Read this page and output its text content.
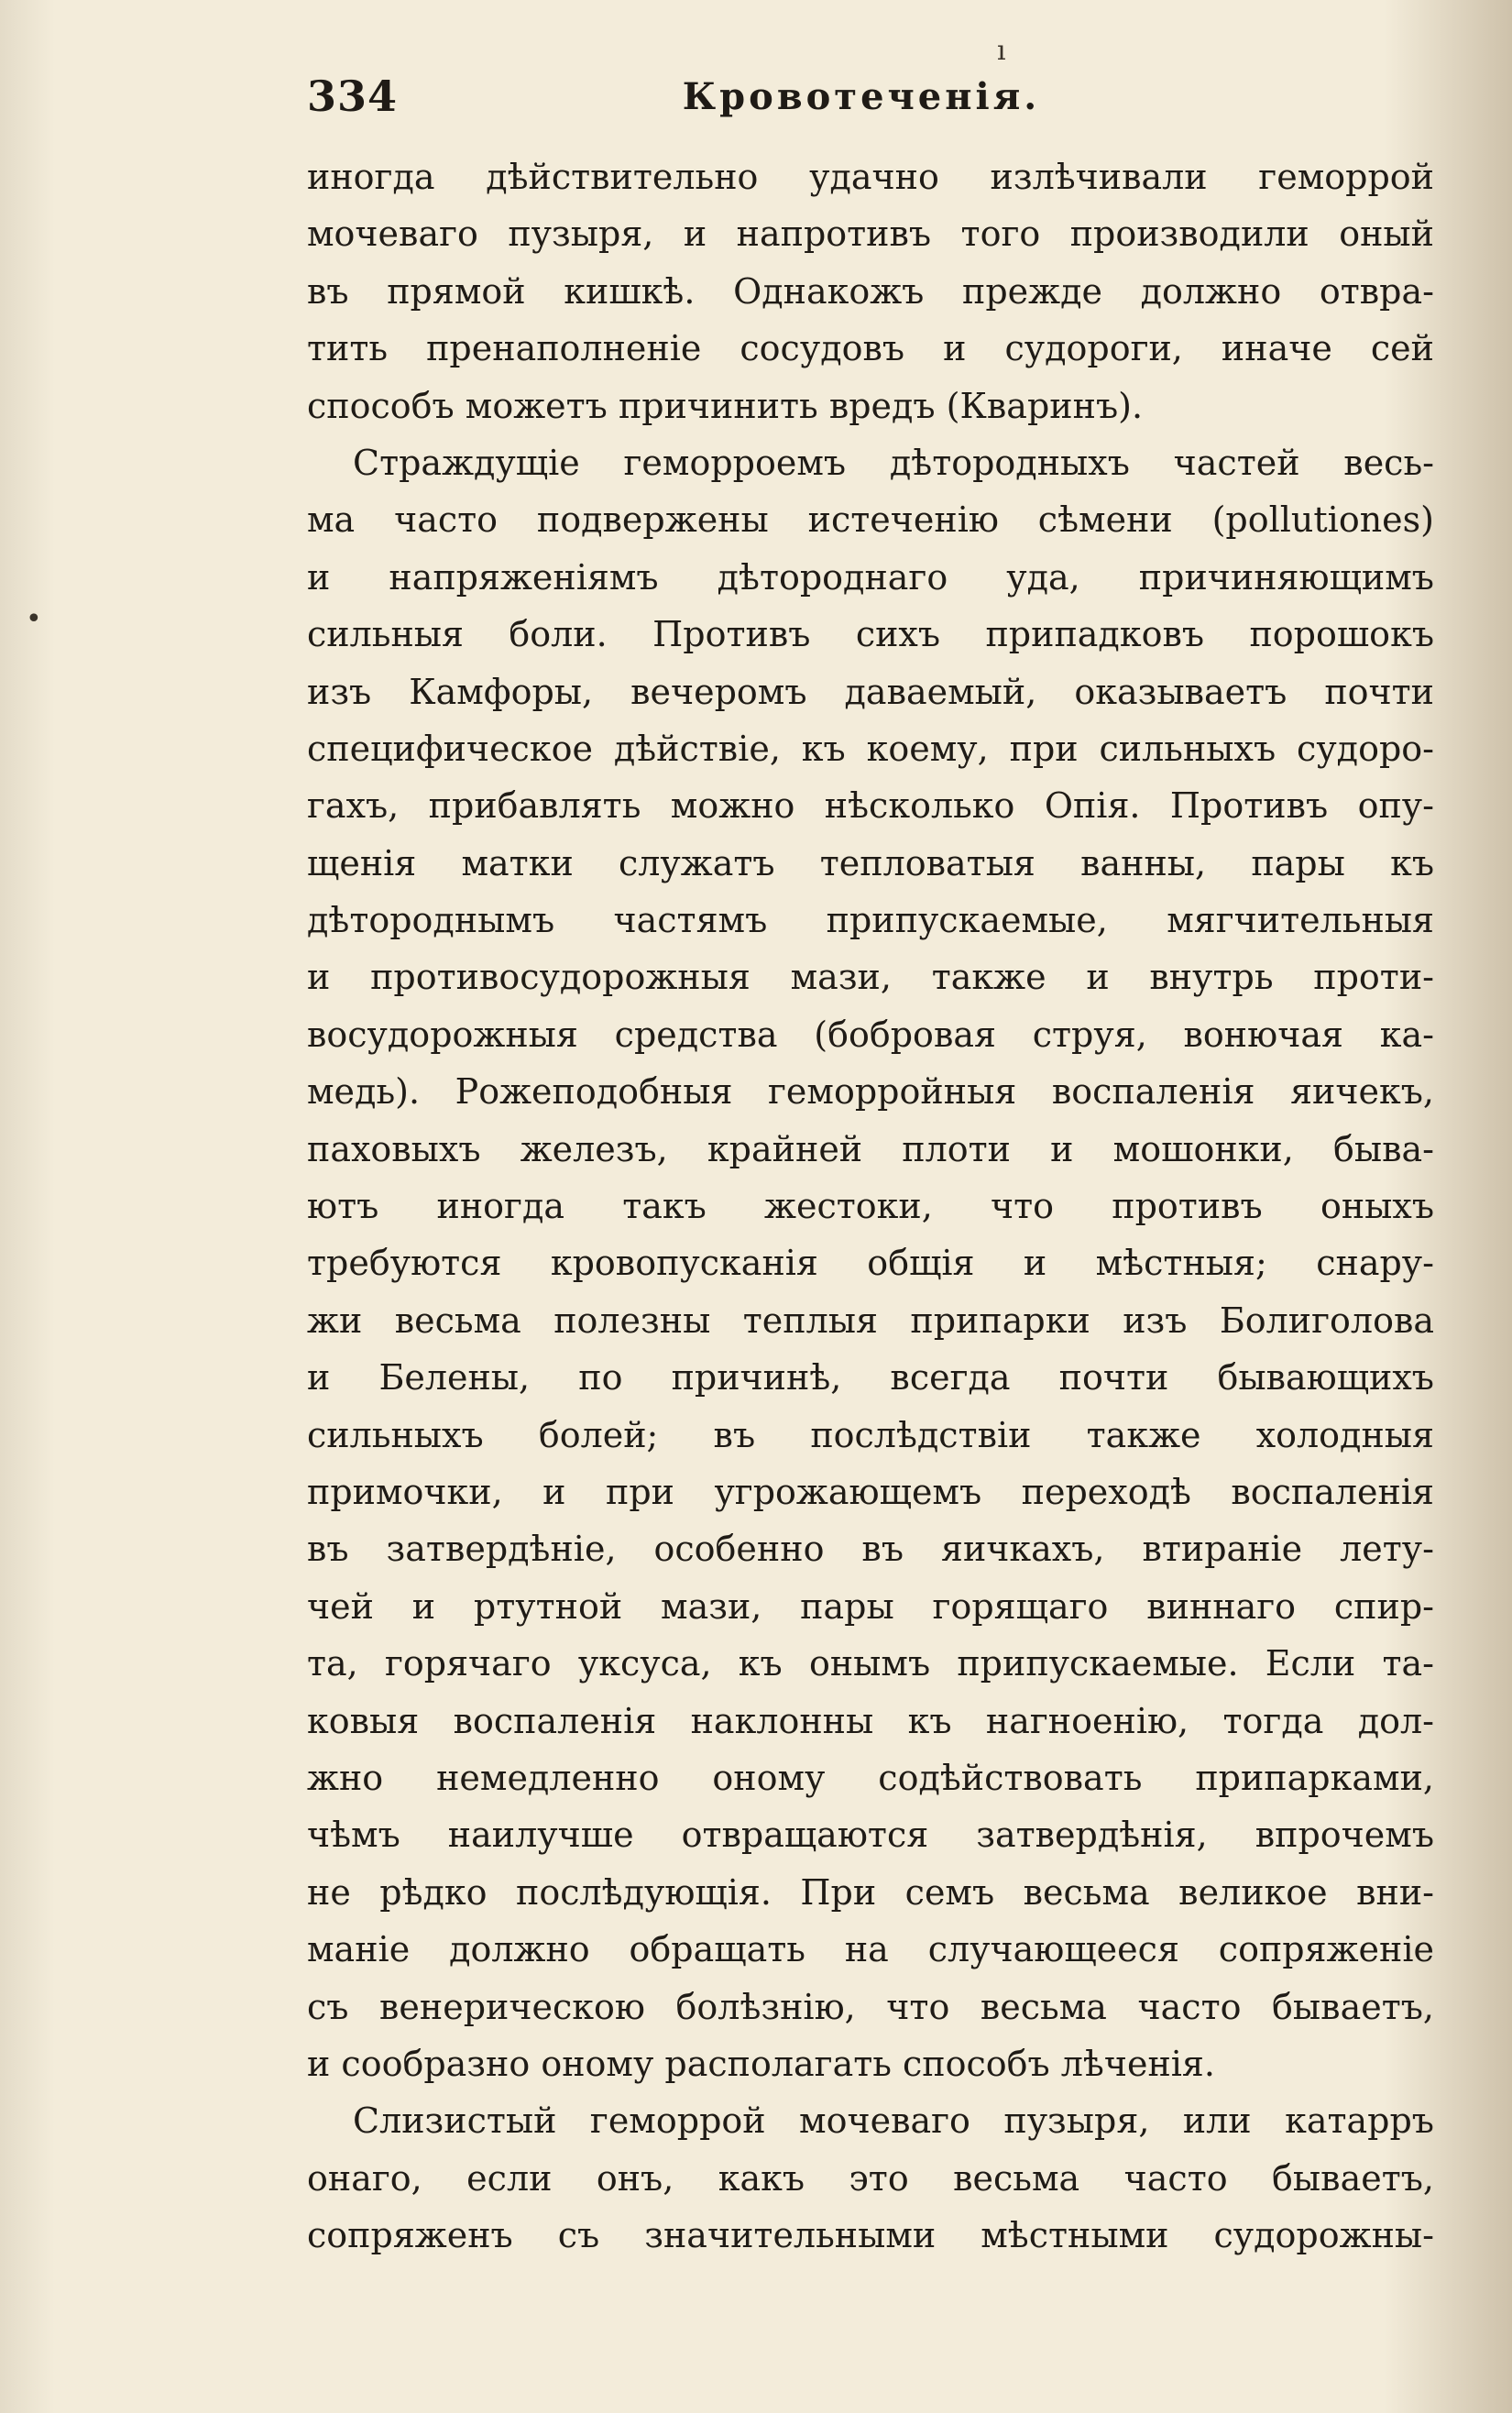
ı
•
334	Кровотеченія.
иногда дѣйствительно удачно излѣчивали геморрой
мочеваго пузыря, и напротивъ того производили оный
въ прямой кишкѣ. Однакожъ прежде должно отвра-
тить пренаполненіе сосудовъ и судороги, иначе сей
способъ можетъ причинить вредъ (Кваринъ).
Страждущіе геморроемъ дѣтородныхъ частей весь-
ма часто подвержены истеченію сѣмени (pollutiones)
и напряженіямъ дѣтороднаго уда, причиняющимъ
сильныя боли. Противъ сихъ припадковъ порошокъ
изъ Камфоры, вечеромъ даваемый, оказываетъ почти
специфическое дѣйствіе, къ коему, при сильныхъ судоро-
гахъ, прибавлять можно нѣсколько Опія. Противъ опу-
щенія матки служатъ тепловатыя ванны, пары къ
дѣтороднымъ частямъ припускаемые, мягчительныя
и противосудорожныя мази, также и внутрь проти-
восудорожныя средства (бобровая струя, вонючая ка-
медь). Рожеподобныя геморройныя воспаленія яичекъ,
паховыхъ железъ, крайней плоти и мошонки, быва-
ютъ иногда такъ жестоки, что противъ оныхъ
требуются кровопусканія общія и мѣстныя; снару-
жи весьма полезны теплыя припарки изъ Болиголова
и Белены, по причинѣ, всегда почти бывающихъ
сильныхъ болей; въ послѣдствіи также холодныя
примочки, и при угрожающемъ переходѣ воспаленія
въ затвердѣніе, особенно въ яичкахъ, втираніе лету-
чей и ртутной мази, пары горящаго виннаго спир-
та, горячаго уксуса, къ онымъ припускаемые. Если та-
ковыя воспаленія наклонны къ нагноенію, тогда дол-
жно немедленно оному содѣйствовать припарками,
чѣмъ наилучше отвращаются затвердѣнія, впрочемъ
не рѣдко послѣдующія. При семъ весьма великое вни-
маніе должно обращать на случающееся сопряженіе
съ венерическою болѣзнію, что весьма часто бываетъ,
и сообразно оному располагать способъ лѣченія.
Слизистый геморрой мочеваго пузыря, или катарръ
онаго, если онъ, какъ это весьма часто бываетъ,
сопряженъ съ значительными мѣстными судорожны-
